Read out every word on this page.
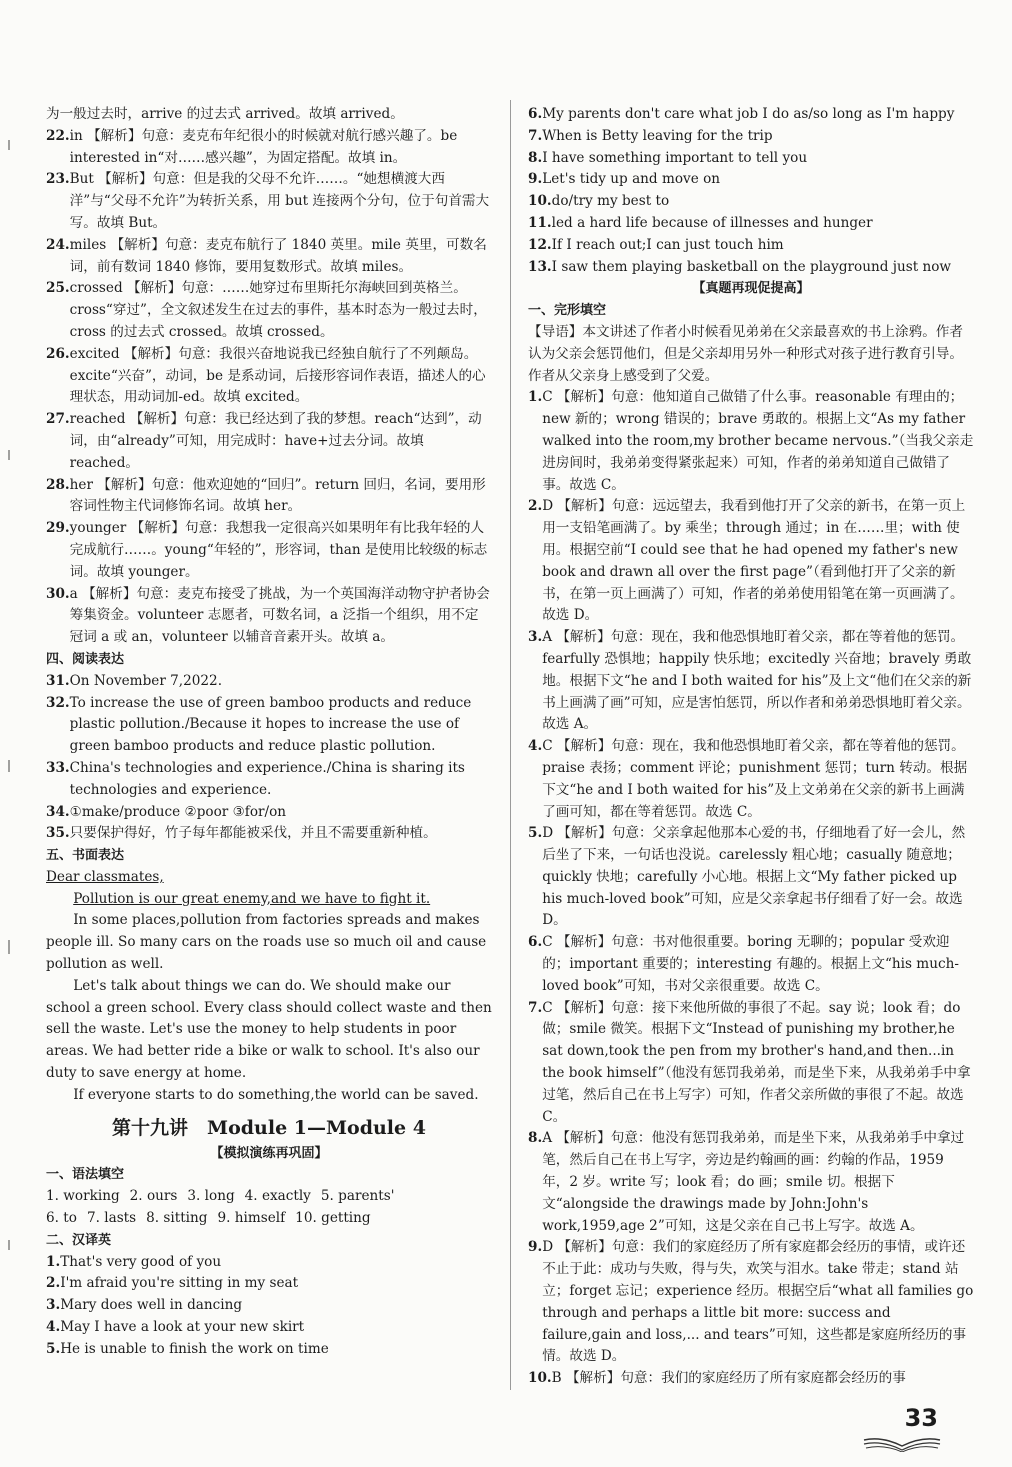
为一般过去时，arrive 的过去式 arrived。故填 arrived。
22. in 【解析】句意：麦克布年纪很小的时候就对航行感兴趣了。be interested in“对……感兴趣”，为固定搭配。故填 in。
23. But 【解析】句意：但是我的父母不允许……。“她想横渡大西洋”与“父母不允许”为转折关系，用 but 连接两个分句，位于句首需大写。故填 But。
24. miles 【解析】句意：麦克布航行了 1840 英里。mile 英里，可数名词，前有数词 1840 修饰，要用复数形式。故填 miles。
25. crossed 【解析】句意：……她穿过布里斯托尔海峡回到英格兰。cross“穿过”，全文叙述发生在过去的事件，基本时态为一般过去时，cross 的过去式 crossed。故填 crossed。
26. excited 【解析】句意：我很兴奋地说我已经独自航行了不列颠岛。excite“兴奋”，动词，be 是系动词，后接形容词作表语，描述人的心理状态，用动词加-ed。故填 excited。
27. reached 【解析】句意：我已经达到了我的梦想。reach“达到”，动词，由“already”可知，用完成时：have+过去分词。故填 reached。
28. her 【解析】句意：他欢迎她的“回归”。return 回归，名词，要用形容词性物主代词修饰名词。故填 her。
29. younger 【解析】句意：我想我一定很高兴如果明年有比我年轻的人完成航行……。young“年轻的”，形容词，than 是使用比较级的标志词。故填 younger。
30. a 【解析】句意：麦克布接受了挑战，为一个英国海洋动物守护者协会筹集资金。volunteer 志愿者，可数名词，a 泛指一个组织，用不定冠词 a 或 an，volunteer 以辅音音素开头。故填 a。
四、阅读表达
31. On November 7,2022.
32. To increase the use of green bamboo products and reduce plastic pollution./Because it hopes to increase the use of green bamboo products and reduce plastic pollution.
33. China's technologies and experience./China is sharing its technologies and experience.
34. ①make/produce ②poor ③for/on
35. 只要保护得好，竹子每年都能被采伐，并且不需要重新种植。
五、书面表达
Dear classmates,
Pollution is our great enemy,and we have to fight it.
In some places,pollution from factories spreads and makes people ill. So many cars on the roads use so much oil and cause pollution as well.
Let's talk about things we can do. We should make our school a green school. Every class should collect waste and then sell the waste. Let's use the money to help students in poor areas. We had better ride a bike or walk to school. It's also our duty to save energy at home.
If everyone starts to do something,the world can be saved.
第十九讲　Module 1—Module 4
【模拟演练再巩固】
一、语法填空
1. working 2. ours 3. long 4. exactly 5. parents'
6. to 7. lasts 8. sitting 9. himself 10. getting
二、汉译英
1. That's very good of you
2. I'm afraid you're sitting in my seat
3. Mary does well in dancing
4. May I have a look at your new skirt
5. He is unable to finish the work on time
6. My parents don't care what job I do as/so long as I'm happy
7. When is Betty leaving for the trip
8. I have something important to tell you
9. Let's tidy up and move on
10. do/try my best to
11. led a hard life because of illnesses and hunger
12. If I reach out;I can just touch him
13. I saw them playing basketball on the playground just now
【真题再现促提高】
一、完形填空
【导语】本文讲述了作者小时候看见弟弟在父亲最喜欢的书上涂鸦。作者认为父亲会惩罚他们，但是父亲却用另外一种形式对孩子进行教育引导。作者从父亲身上感受到了父爱。
1. C 【解析】句意：他知道自己做错了什么事。reasonable 有理由的；new 新的；wrong 错误的；brave 勇敢的。根据上文“As my father walked into the room,my brother became nervous.”（当我父亲走进房间时，我弟弟变得紧张起来）可知，作者的弟弟知道自己做错了事。故选 C。
2. D 【解析】句意：远远望去，我看到他打开了父亲的新书，在第一页上用一支铅笔画满了。by 乘坐；through 通过；in 在……里；with 使用。根据空前“I could see that he had opened my father's new book and drawn all over the first page”（看到他打开了父亲的新书，在第一页上画满了）可知，作者的弟弟使用铅笔在第一页画满了。故选 D。
3. A 【解析】句意：现在，我和他恐惧地盯着父亲，都在等着他的惩罚。fearfully 恐惧地；happily 快乐地；excitedly 兴奋地；bravely 勇敢地。根据下文“he and I both waited for his”及上文“他们在父亲的新书上画满了画”可知，应是害怕惩罚，所以作者和弟弟恐惧地盯着父亲。故选 A。
4. C 【解析】句意：现在，我和他恐惧地盯着父亲，都在等着他的惩罚。praise 表扬；comment 评论；punishment 惩罚；turn 转动。根据下文“he and I both waited for his”及上文弟弟在父亲的新书上画满了画可知，都在等着惩罚。故选 C。
5. D 【解析】句意：父亲拿起他那本心爱的书，仔细地看了好一会儿，然后坐了下来，一句话也没说。carelessly 粗心地；casually 随意地；quickly 快地；carefully 小心地。根据上文“My father picked up his much-loved book”可知，应是父亲拿起书仔细看了好一会。故选 D。
6. C 【解析】句意：书对他很重要。boring 无聊的；popular 受欢迎的；important 重要的；interesting 有趣的。根据上文“his much-loved book”可知，书对父亲很重要。故选 C。
7. C 【解析】句意：接下来他所做的事很了不起。say 说；look 看；do 做；smile 微笑。根据下文“Instead of punishing my brother,he sat down,took the pen from my brother's hand,and then...in the book himself”（他没有惩罚我弟弟，而是坐下来，从我弟弟手中拿过笔，然后自己在书上写字）可知，作者父亲所做的事很了不起。故选 C。
8. A 【解析】句意：他没有惩罚我弟弟，而是坐下来，从我弟弟手中拿过笔，然后自己在书上写字，旁边是约翰画的画：约翰的作品，1959 年，2 岁。write 写；look 看；do 画；smile 切。根据下文“alongside the drawings made by John:John's work,1959,age 2”可知，这是父亲在自己书上写字。故选 A。
9. D 【解析】句意：我们的家庭经历了所有家庭都会经历的事情，或许还不止于此：成功与失败，得与失，欢笑与泪水。take 带走；stand 站立；forget 忘记；experience 经历。根据空后“what all families go through and perhaps a little bit more: success and failure,gain and loss,... and tears”可知，这些都是家庭所经历的事情。故选 D。
10. B 【解析】句意：我们的家庭经历了所有家庭都会经历的事
33
